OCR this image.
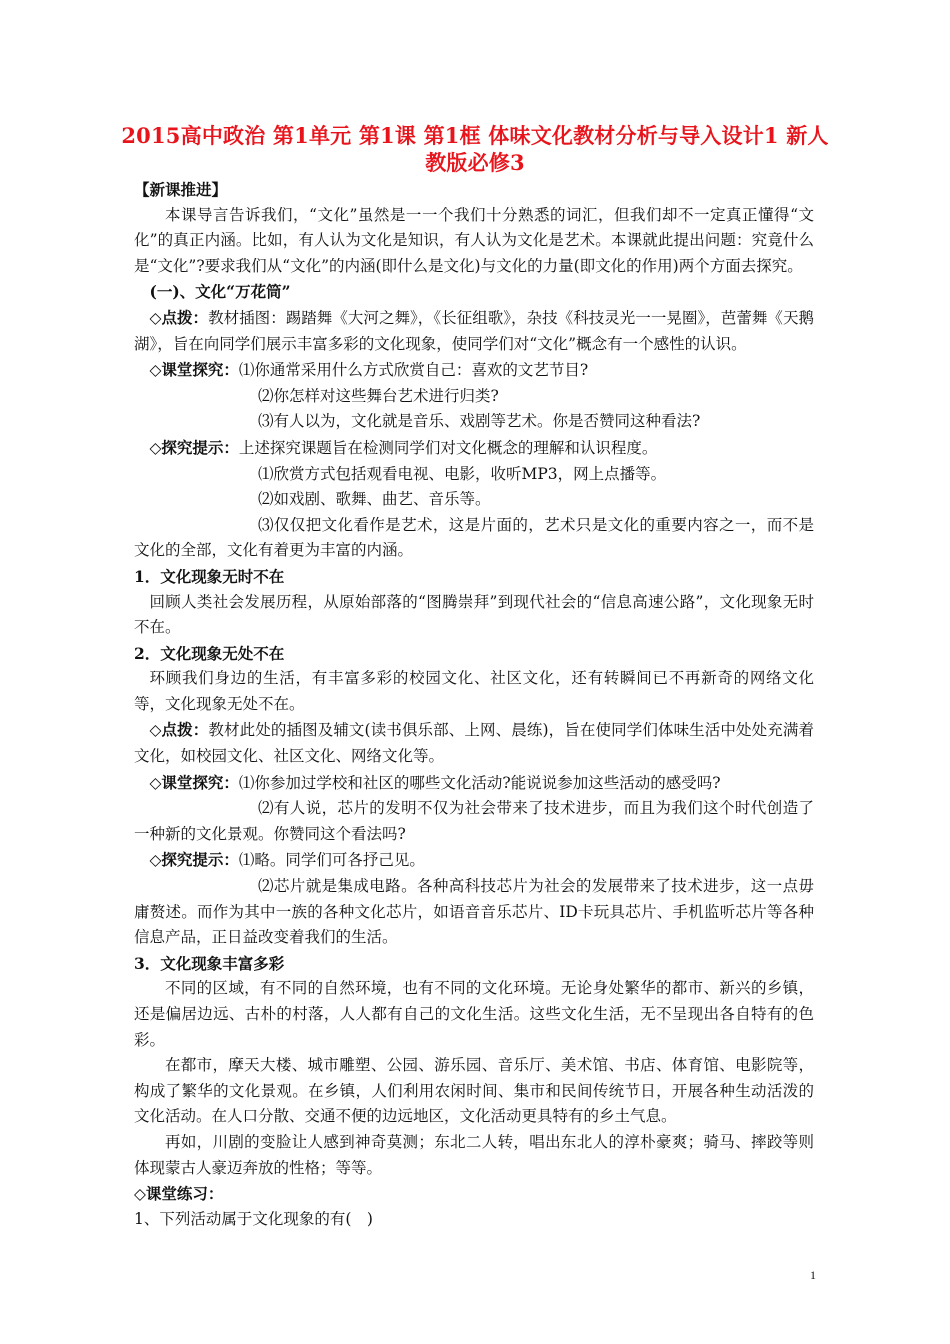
2015高中政治 第1单元 第1课 第1框 体味文化教材分析与导入设计1 新人教版必修3

【新课推进】

本课导言告诉我们，“文化”虽然是一一个我们十分熟悉的词汇，但我们却不一定真正懂得“文化”的真正内涵。比如，有人认为文化是知识，有人认为文化是艺术。本课就此提出问题：究竟什么是“文化”?要求我们从“文化”的内涵(即什么是文化)与文化的力量(即文化的作用)两个方面去探究。

(一)、文化“万花筒”

◇点拨：教材插图：踢踏舞《大河之舞》，《长征组歌》，杂技《科技灵光一一晃圈》，芭蕾舞《天鹅湖》，旨在向同学们展示丰富多彩的文化现象，使同学们对“文化”概念有一个感性的认识。

◇课堂探究：⑴你通常采用什么方式欣赏自己：喜欢的文艺节目?

⑵你怎样对这些舞台艺术进行归类?

⑶有人以为，文化就是音乐、戏剧等艺术。你是否赞同这种看法?

◇探究提示：上述探究课题旨在检测同学们对文化概念的理解和认识程度。

⑴欣赏方式包括观看电视、电影，收听MP3，网上点播等。

⑵如戏剧、歌舞、曲艺、音乐等。

⑶仅仅把文化看作是艺术，这是片面的，艺术只是文化的重要内容之一，而不是文化的全部，文化有着更为丰富的内涵。

1．文化现象无时不在

回顾人类社会发展历程，从原始部落的“图腾崇拜”到现代社会的“信息高速公路”，文化现象无时不在。

2．文化现象无处不在

环顾我们身边的生活，有丰富多彩的校园文化、社区文化，还有转瞬间已不再新奇的网络文化等，文化现象无处不在。

◇点拨：教材此处的插图及辅文(读书俱乐部、上网、晨练)，旨在使同学们体味生活中处处充满着文化，如校园文化、社区文化、网络文化等。

◇课堂探究：⑴你参加过学校和社区的哪些文化活动?能说说参加这些活动的感受吗?

⑵有人说，芯片的发明不仅为社会带来了技术进步，而且为我们这个时代创造了一种新的文化景观。你赞同这个看法吗?

◇探究提示：⑴略。同学们可各抒己见。

⑵芯片就是集成电路。各种高科技芯片为社会的发展带来了技术进步，这一点毋庸赘述。而作为其中一族的各种文化芯片，如语音音乐芯片、ID卡玩具芯片、手机监听芯片等各种信息产品，正日益改变着我们的生活。

3．文化现象丰富多彩

不同的区域，有不同的自然环境，也有不同的文化环境。无论身处繁华的都市、新兴的乡镇，还是偏居边远、古朴的村落，人人都有自己的文化生活。这些文化生活，无不呈现出各自特有的色彩。

在都市，摩天大楼、城市雕塑、公园、游乐园、音乐厅、美术馆、书店、体育馆、电影院等，构成了繁华的文化景观。在乡镇，人们利用农闲时间、集市和民间传统节日，开展各种生动活泼的文化活动。在人口分散、交通不便的边远地区，文化活动更具特有的乡土气息。

再如，川剧的变脸让人感到神奇莫测；东北二人转，唱出东北人的淳朴豪爽；骑马、摔跤等则体现蒙古人豪迈奔放的性格；等等。

◇课堂练习：

1、下列活动属于文化现象的有(　)

1
